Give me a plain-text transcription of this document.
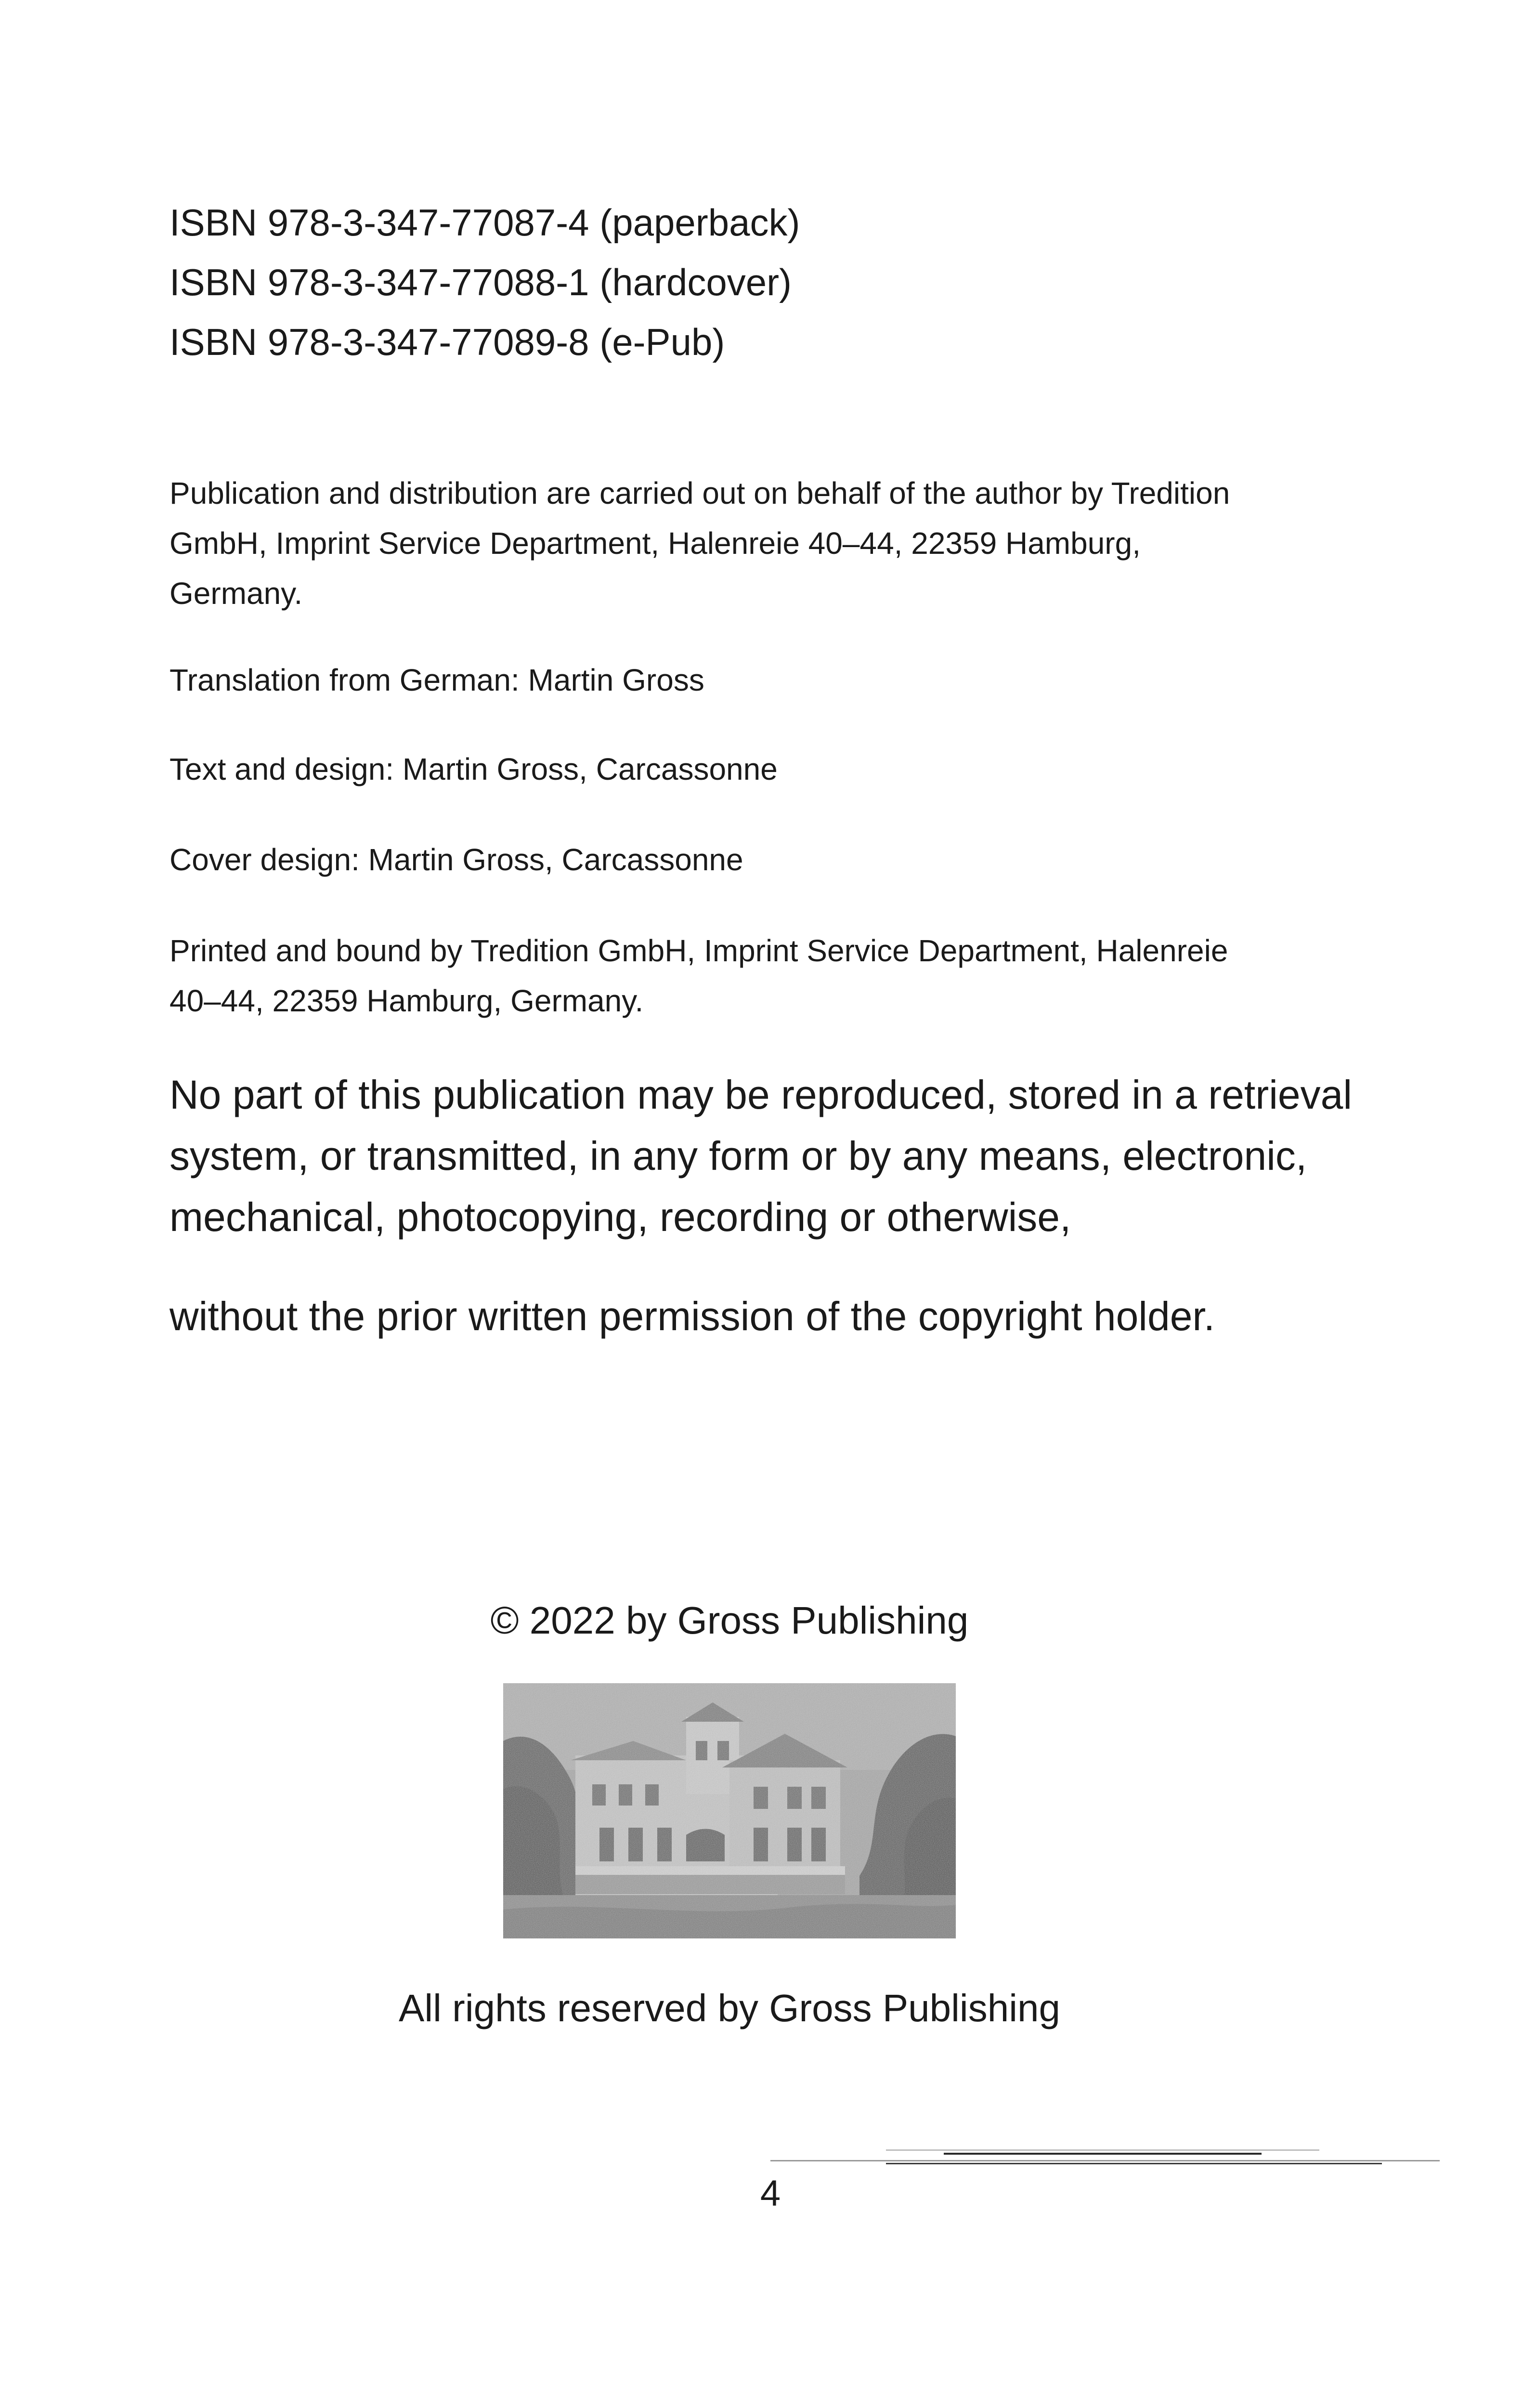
ISBN 978-3-347-77087-4 (paperback)
ISBN 978-3-347-77088-1 (hardcover)
ISBN 978-3-347-77089-8 (e-Pub)

Publication and distribution are carried out on behalf of the author by Tredition GmbH, Imprint Service Department, Halenreie 40–44, 22359 Hamburg, Germany.

Translation from German: Martin Gross

Text and design: Martin Gross, Carcassonne

Cover design: Martin Gross, Carcassonne

Printed and bound by Tredition GmbH, Imprint Service Department, Halenreie 40–44, 22359 Hamburg, Germany.

No part of this publication may be reproduced, stored in a retrieval system, or transmitted, in any form or by any means, electronic, mechanical, photocopying, recording or otherwise,

without the prior written permission of the copyright holder.

© 2022 by Gross Publishing
All rights reserved by Gross Publishing
4
